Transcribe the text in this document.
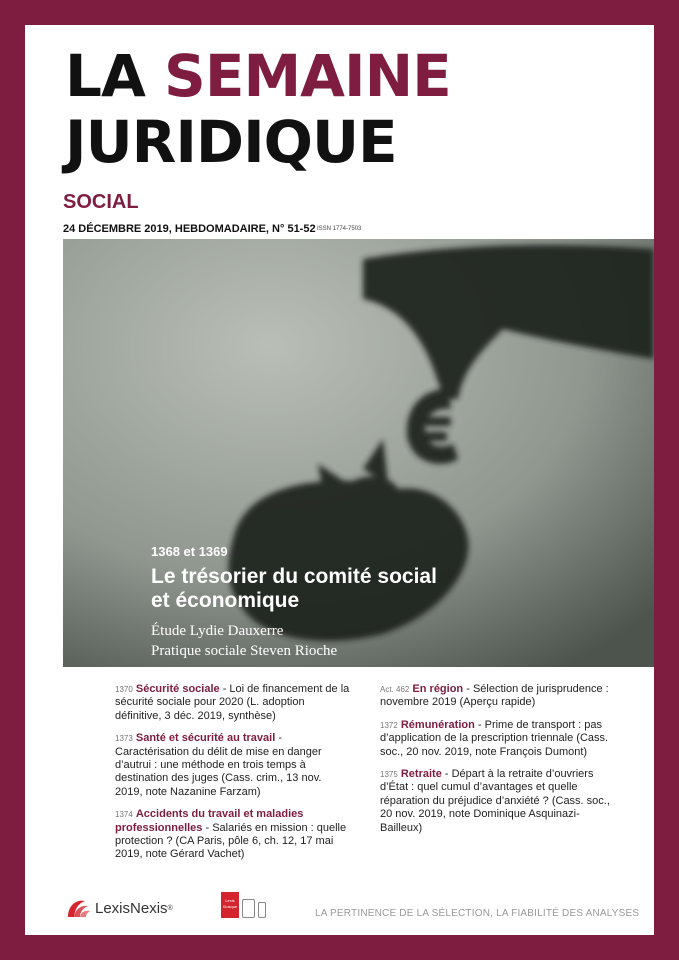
LA SEMAINE
JURIDIQUE
SOCIAL
24 DÉCEMBRE 2019, HEBDOMADAIRE, N° 51-52 ISSN 1774-7503
1368 et 1369
Le trésorier du comité social
et économique
Étude Lydie Dauxerre
Pratique sociale Steven Rioche
1370 Sécurité sociale - Loi de financement de la sécurité sociale pour 2020 (L. adoption définitive, 3 déc. 2019, synthèse)
1373 Santé et sécurité au travail - Caractérisation du délit de mise en danger d’autrui : une méthode en trois temps à destination des juges (Cass. crim., 13 nov. 2019, note Nazanine Farzam)
1374 Accidents du travail et maladies professionnelles - Salariés en mission : quelle protection ? (CA Paris, pôle 6, ch. 12, 17 mai 2019, note Gérard Vachet)
Act. 462 En région - Sélection de jurisprudence : novembre 2019 (Aperçu rapide)
1372 Rémunération - Prime de transport : pas d’application de la prescription triennale (Cass. soc., 20 nov. 2019, note François Dumont)
1375 Retraite - Départ à la retraite d’ouvriers d’État : quel cumul d’avantages et quelle réparation du préjudice d’anxiété ? (Cass. soc., 20 nov. 2019, note Dominique Asquinazi-Bailleux)
LexisNexis ®
Lexis
Kiosque
LA PERTINENCE DE LA SÉLECTION, LA FIABILITÉ DES ANALYSES
